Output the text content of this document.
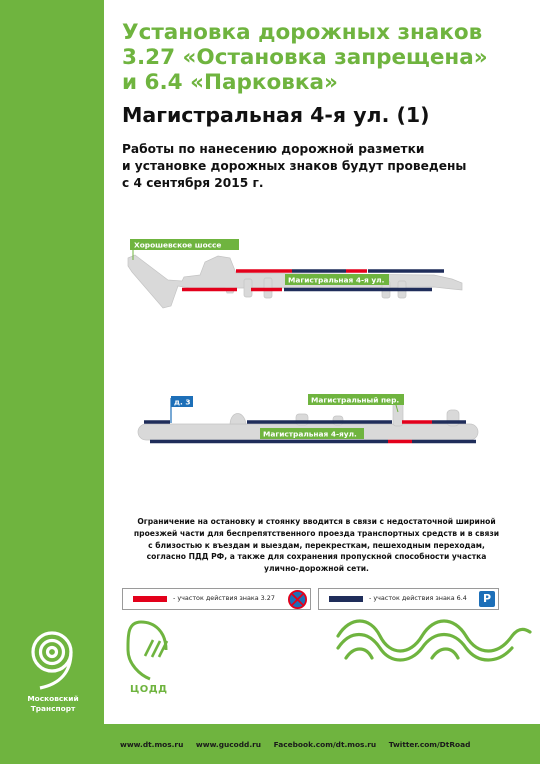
Установка дорожных знаков
3.27 «Остановка запрещена»
и 6.4 «Парковка»
Магистральная 4-я ул. (1)

Работы по нанесению дорожной разметки
и установке дорожных знаков будут проведены
с 4 сентября 2015 г.

Хорошевское шоссе
Магистральная 4-я ул.
д. 3	Магистральный пер.
Магистральная 4-яул.

Ограничение на остановку и стоянку вводится в связи с недостаточной шириной
проезжей части для беспрепятственного проезда транспортных средств и в связи
с близостью к въездам и выездам, перекресткам, пешеходным переходам,
согласно ПДД РФ, а также для сохранения пропускной способности участка
улично-дорожной сети.

- участок действия знака 3.27	- участок действия знака 6.4	P

Московский
Транспорт

ЦОДД

www.dt.mos.ru www.gucodd.ru Facebook.com/dt.mos.ru Twitter.com/DtRoad
